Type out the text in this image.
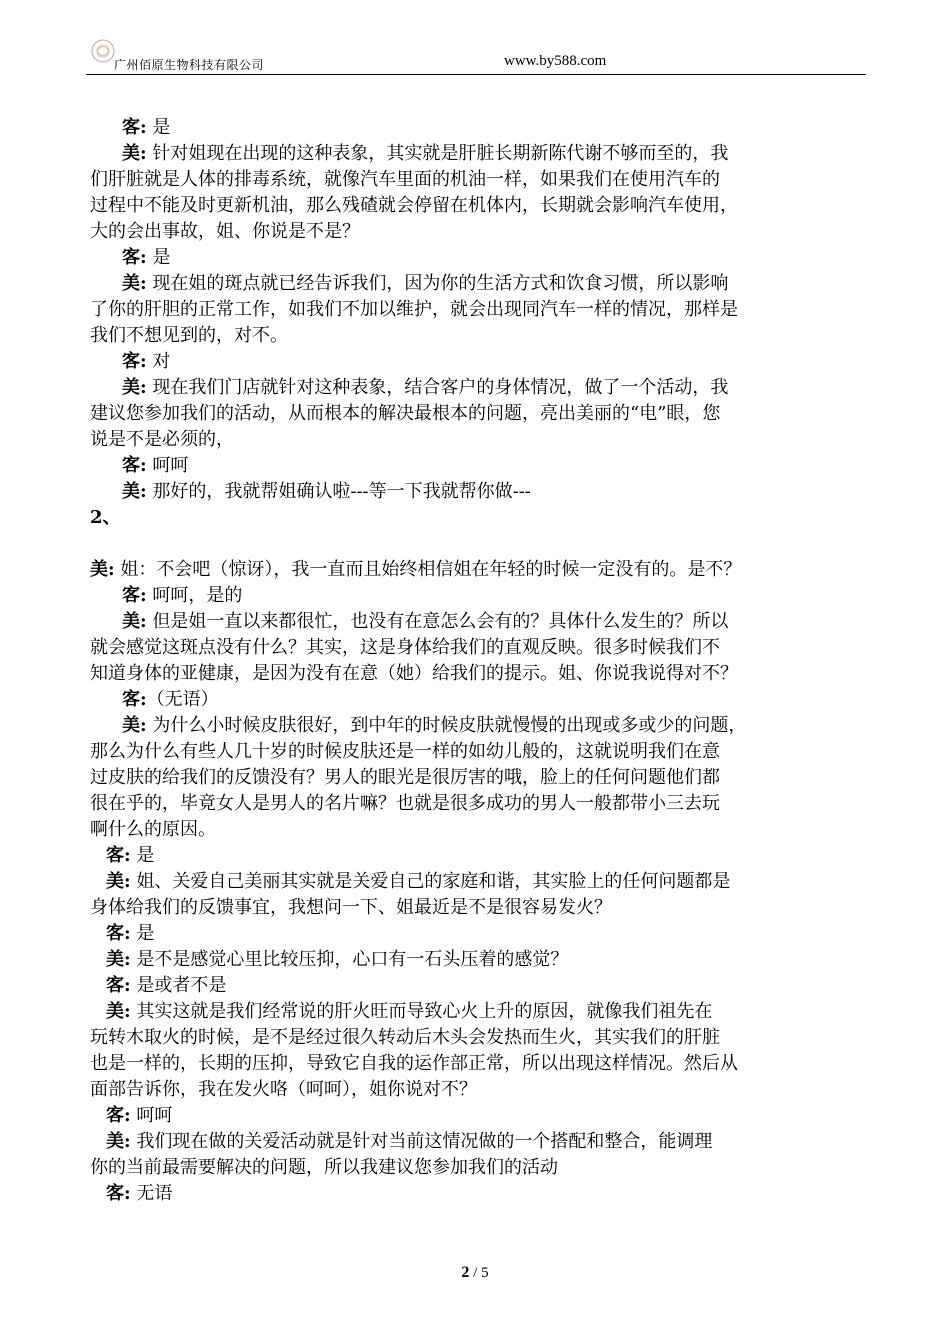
广州佰原生物科技有限公司	www.by588.com
客: 是
美: 针对姐现在出现的这种表象，其实就是肝脏长期新陈代谢不够而至的，我
们肝脏就是人体的排毒系统，就像汽车里面的机油一样，如果我们在使用汽车的
过程中不能及时更新机油，那么残碴就会停留在机体内，长期就会影响汽车使用，
大的会出事故，姐、你说是不是？
客: 是
美: 现在姐的斑点就已经告诉我们，因为你的生活方式和饮食习惯，所以影响
了你的肝胆的正常工作，如我们不加以维护，就会出现同汽车一样的情况，那样是
我们不想见到的，对不。
客: 对
美: 现在我们门店就针对这种表象，结合客户的身体情况，做了一个活动，我
建议您参加我们的活动，从而根本的解决最根本的问题，亮出美丽的“电”眼，您
说是不是必须的，
客: 呵呵
美: 那好的，我就帮姐确认啦---等一下我就帮你做---
2、
美: 姐：不会吧（惊讶），我一直而且始终相信姐在年轻的时候一定没有的。是不？
客: 呵呵，是的
美: 但是姐一直以来都很忙，也没有在意怎么会有的？具体什么发生的？所以
就会感觉这斑点没有什么？其实，这是身体给我们的直观反映。很多时候我们不
知道身体的亚健康，是因为没有在意（她）给我们的提示。姐、你说我说得对不？
客:（无语）
美: 为什么小时候皮肤很好，到中年的时候皮肤就慢慢的出现或多或少的问题，
那么为什么有些人几十岁的时候皮肤还是一样的如幼儿般的，这就说明我们在意
过皮肤的给我们的反馈没有？男人的眼光是很厉害的哦，脸上的任何问题他们都
很在乎的，毕竟女人是男人的名片嘛？也就是很多成功的男人一般都带小三去玩
啊什么的原因。
客: 是
美: 姐、关爱自己美丽其实就是关爱自己的家庭和谐，其实脸上的任何问题都是
身体给我们的反馈事宜，我想问一下、姐最近是不是很容易发火？
客: 是
美: 是不是感觉心里比较压抑，心口有一石头压着的感觉？
客: 是或者不是
美: 其实这就是我们经常说的肝火旺而导致心火上升的原因，就像我们祖先在
玩转木取火的时候，是不是经过很久转动后木头会发热而生火，其实我们的肝脏
也是一样的，长期的压抑，导致它自我的运作部正常，所以出现这样情况。然后从
面部告诉你，我在发火咯（呵呵），姐你说对不？
客: 呵呵
美: 我们现在做的关爱活动就是针对当前这情况做的一个搭配和整合，能调理
你的当前最需要解决的问题，所以我建议您参加我们的活动
客: 无语
2 / 5
